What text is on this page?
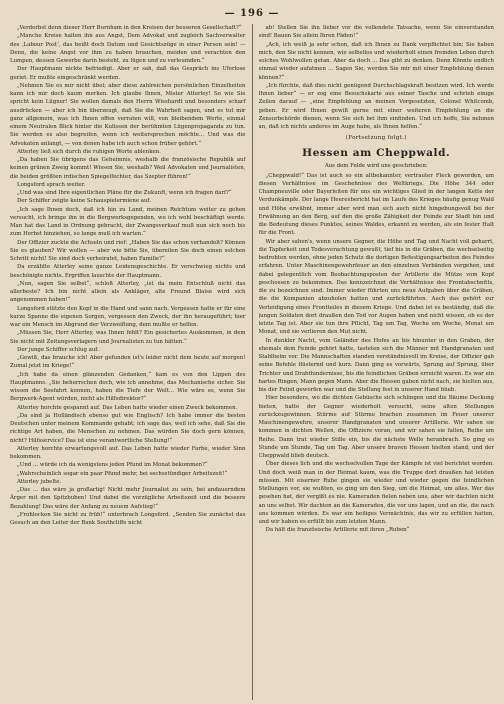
— 196 —

„Verderbst denn dieser Herr Burnham in den Kreisen der besseren Gesellschaft?“

„Manche Kreise halten ihn aus Angst, Dem Advokat und zugleich Sachverwalter des ‚Labour Post‘, das beißt doch Datum und Gesichtszüge in einer Person sein! — Denn, die keine Angst vor ihm zu haben brauchen, meiden und verachten den Lumpen, dessen Gewerbe darin besteht, zu lügen und zu verleumden.“

Der Hauptmann nickte befriedigt. Aber er sah, daß das Gespräch ins Uferlose geriet. Er mußte eingeschränkt werden.

„Nehmen Sie es mir nicht übel; aber diese zahlreichen persönlichen Einzelheiten kann ich mir doch kaum merken. Ich glaube Ihnen, Mister Atterley! So wie Sie spricht kein Lügner! Sie wollen damals den Herrn Wisshardt und besonders scharf ausdrücken — aber ich bin überzeugt, daß Sie die Wahrheit sagen, und es tut mir ganz allgemein, was ich Ihnen offen verraten will, von bleibendem Werte, einmal einem Neutralen Blick hinter die Kulissen der berühmten Lügenpropaganda zu tun. Sie werden es also begreifen, wenn ich weitersprechen möchte... Und was die Advokaten anlangt, — von denen habe ich auch schon früher gehört.“

Atterley ließ sich durch die ruhigen Worte ablenken.

„Da haben Sie übrigens das Geheimnis, weshalb die französische Republik auf keinen grünen Zweig kommt! Wissen Sie, weshalb? Weil Advokaten und Journalisten, die beiden größten irdischen Spiegelfechter, das Szepter führen!“

Longsford sprach weiter.

„Und was sind Ihre eigentlichen Pläne für die Zukunft, wenn ich fragen darf?“

Der Schiffer zeigte keine Schauspielermiene auf.

„Ich sage Ihnen doch, daß ich hin zu Land, meinen Reichtum weiter zu gehen versucht, ich bringe ihn in die Bergwerksgegenden, wo ich wohl beschäftigt werde. Man hat das Land in Ordnung gebracht, der Zwangsverkauf muß nun sich noch bis zum Herbst hinziehen, so lange muß ich warten.“

Der Offizier zuckte die Achseln und rief: „Haben Sie das schon verhandelt? Können Sie es glauben? Wir wollen — aber wie bitte Sie, übereilen Sie doch einen solchen Schritt nicht! Sie sind doch verheiratet, haben Familie?“

Da erzählte Atterley seine ganze Leidensgeschichte. Er verschwieg nichts und beschönigte nichts. Ergriffen lauschte der Hauptmann.

„Nun, sagen Sie selbst“, schloß Atterley, „ist da mein Entschluß nicht das allerbeste? Ich bin nicht allein als Ankläger, alte Freund Blaise wird sich angenommen haben!“

Longsford stützte den Kopf in die Hand und sann nach. Vergessen hatte er für eine kurze Spanne die eigenen Sorgen, vergessen den Zweck, der ihn heraugeführt; hier war ein Mensch im Abgrund der Verzweiflung, dem mußte er helfen.

„Müssen Sie, Herr Atterley, was Ihnen fehlt? Ein gesichertes Auskommen, in dem Sie nicht mit Zeitungsverlagern und Journalisten zu tun hätten.“

Der junge Schiffer schlug auf.

„Gewiß, das brauche ich! Aber gefunden ist's leider nicht dem heute auf morgen! Zumal jetzt im Kriege!“

„Ich habe da einen glänzenden Gedanken,“ kam es von den Lippen des Hauptmanns. „Sie beherrschen doch, wie ich annehme, das Mechanische sicher. Sie wissen die Seefahrt kennen, haben die Tiefe der Welt... Wie wäre es, wenn Sie Bergwerk-Agent würden, nicht als Hilfsdirektor?“

Atterley horchte gespannt auf. Das Leben hatte wieder einen Zweck bekommen.

„Da sind ja Holländisch ebenso gut wie Englisch? Ich habe immer die besten Deutschen unter meinem Kommando gehabt; ich sage das, weil ich sehe, daß Sie die richtige Art haben, die Menschen zu nehmen. Das würden Sie doch gern können, nicht? Hilfsservice? Das ist eine verantwortliche Stellung!“

Atterley horchte erwartungsvoll auf. Das Leben hatte wieder Farbe, wieder Sinn bekommen.

„Und ... würde ich da wenigstens jeden Pfund im Monat bekommen?“

„Wahrscheinlich sogar ein paar Pfund mehr, bei sechsstündiger Arbeitszeit!“

Atterley jubelte.

„Das ... das wäre ja großartig! Nicht mehr Journalist zu sein, bei andauerndem Ärger mit den Spitzbuben! Und dabei die vorzügliche Arbeitszeit und die bessere Bezahlung! Das wäre der Anfang zu neuem Aufstieg!“

„Frohlocken Sie nicht zu früh!“ unterbrach Longsford. „Senden Sie zunächst das Gesuch an den Leiter der Bank Southcliffe nicht

ab! Stellen Sie ihn lieber vor die vollendete Tatsache, wenn Sie einverstanden sind! Bauen Sie allein Ihren Fäden!“

„Ach, ich weiß ja sehr schon, daß ich Ihnen zu Dank verpflichtet bin; Sie haben mich, den Sie nicht kennen, wie selbstlos und wiederholt einen fremden Leben durch solches Wohlwollen getan. Aber da doch ... Das gibt zu denken. Denn Könnte endlich einmal wieder aufatmen ... Sagen Sie, werden Sie mir mit einer Empfehlung dienen können?“

„Ich fürchte, daß dies nicht genügend Durchschlagskraft besitzen wird. Ich werde Ihnen lieber“ — er zog eine Besuchskarte aus seiner Tasche und schrieb einige Zeilen darauf — „eine Empfehlung an meinen Vorgesetzten, Colonel Whitcomb, geben. Er wird Ihnen gewiß gerne mit einer weiteren Empfehlung an die Zensurbehörde dienen, wenn Sie sich bei ihm einfinden. Und ich hoffe, Sie nehmen an, daß ich nichts anderes im Auge habe, als Ihnen helfen.“

(Fortsetzung folgt.)
Hessen am Cheppwald.
Aus dem Felde wird uns geschrieben:

„Cheppwald!“ Das ist auch so ein altbekannter, vertrauter Fleck geworden, um diesen Verhältnisse im Geschehnisse des Weltkriegs. Die Höhe 344 oder Champneuville oder Bayerleiten für uns ein wichtiges Glied in der langen Kette der Verdunkämpfe. Der lange Heeresbericht hat im Laufe des Krieges häufig genug Wald und Höhe erwähnt, immer aber wird man sich auch nicht hingebungsvoll bei der Erwähnung an den Berg, auf den die große Zähigkeit der Feinde zur Stadt hin und die Bedeutung dieses Punktes, seines Waldes, erkannt zu werden, als ein fester Halt für die Front.

Wir aber sahen's, wenn unsere Gegner, die Höhe und Tag und Nacht voll geharrt, die Tapferkeit und Todesverachtung gewußt, tief bis in die Gräben, die wechselseitig bedrohten werden, ohne jeden Schutz die dortigen Befestigungsarbeiten des Feindes erfahren. Unter Maschinengewehrfeuer an den einzelnen Verbänden vorgehen, und dabei gelegentlich vom Beobachtungsposten der Artillerie die Mütze vom Kopf geschossen zu bekommen. Das kennzeichnet die Verhältnisse des Frontabschnitts, die zu bezeichnen sind. Immer wieder führten uns neue Aufgaben über die Gräben, die die Kompanien abzuholen hatten und zurückführten. Auch das gehört zur Verteidigung eines Frontteiles in diesem Kriege. Und dabei ist es beständig, daß die jungen Soldaten dort draußen den Tod vor Augen haben und nicht wissen, ob es der letzte Tag ist. Aber sie tun ihre Pflicht, Tag um Tag, Woche um Woche, Monat um Monat, und sie verlieren den Mut nicht.

In dunkler Nacht, vom Geländer des Hofes an bis hinunter in den Graben, der ehemals dem Feinde gehört hatte, tasteten sich die Männer mit Handgranaten und Stahlhelm vor. Die Mannschaften standen verständnisvoll im Kreise, der Offizier gab seine Befehle flüsternd und kurz. Dann ging es vorwärts, Sprung auf Sprung, über Trichter und Drahthindernisse, bis die feindlichen Gräben erreicht waren. Es war ein hartes Ringen, Mann gegen Mann. Aber die Hessen gaben nicht nach, sie hielten aus, bis der Feind geworfen war und die Stellung fest in unserer Hand blieb.

Hier besonders, wo die dichten Gebüsche sich schlingen und die Bäume Deckung bieten, hatte der Gegner wiederholt versucht, seine alten Stellungen zurückzugewinnen. Stürme auf Stürme brachen zusammen im Feuer unserer Maschinengewehre, unserer Handgranaten und unserer Artillerie. Wir sahen sie kommen in dichten Wellen, die Offiziere voran, und wir sahen sie fallen, Reihe um Reihe. Dann trat wieder Stille ein, bis die nächste Welle heranbrach. So ging es Stunde um Stunde, Tag um Tag. Aber unsere braven Hessen hielten stand, und der Cheppwald blieb deutsch.

Über dieses lich und die wechselvollen Tage der Kämpfe ist viel berichtet worden. Und doch weiß man in der Heimat kaum, was die Truppe dort draußen hat leisten müssen. Mit eiserner Ruhe gingen sie wieder und wieder gegen die feindlichen Stellungen vor, sie wußten, es ging um den Sieg, um die Heimat, um alles. Wer das gesehen hat, der vergißt es nie. Kameraden fielen neben uns, aber wir dachten nicht an uns selbst. Wir dachten an die Kameraden, die vor uns lagen, und an die, die nach uns kommen würden. Es war ein heiliges Vermächtnis, das wir zu erfüllen hatten, und wir haben es erfüllt bis zum letzten Mann.

Da hält die französische Artillerie mit ihren „Ruben“
